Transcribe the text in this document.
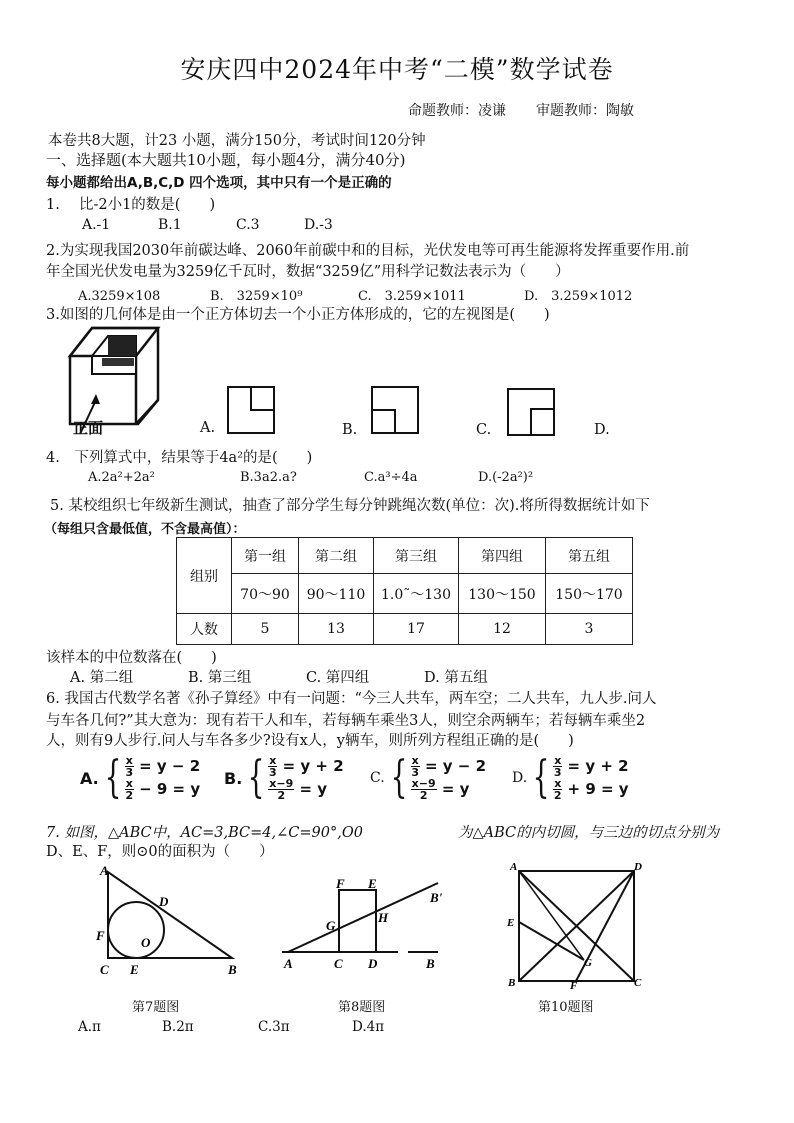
安庆四中2024年中考“二模”数学试卷
命题教师：凌谦 审题教师：陶敏
本卷共8大题，计23 小题，满分150分，考试时间120分钟
一、选择题(本大题共10小题，每小题4分，满分40分)
每小题都给出A,B,C,D 四个选项，其中只有一个是正确的
1.　 比-2小1的数是(　　)
A.-1	B.1	C.3	D.-3
2.为实现我国2030年前碳达峰、2060年前碳中和的目标，光伏发电等可再生能源将发挥重要作用.前
年全国光伏发电量为3259亿千瓦时，数据“3259亿”用科学记数法表示为（　　）
A.3259×108	B.　3259×10⁹	C.　3.259×1011	D.　3.259×1012
3.如图的几何体是由一个正方体切去一个小正方体形成的，它的左视图是(　　)
正面	A.	B.	C.	D.
4.　下列算式中，结果等于4a²的是(　　)
A.2a²+2a²	B.3a2.a?	C.a³÷4a	D.(-2a²)²
5. 某校组织七年级新生测试，抽查了部分学生每分钟跳绳次数(单位：次).将所得数据统计如下
（每组只含最低值，不含最高值）：
组别	第一组	第二组	第三组	第四组	第五组
	70～90	90～110	1.0˜～130	130～150	150～170
人数	5	13	17	12	3
该样本的中位数落在(　　)
A. 第二组	B. 第三组	C. 第四组	D. 第五组
6. 我国古代数学名著《孙子算经》中有一问题：“今三人共车，两车空；二人共车，九人步.问人
与车各几何?”其大意为：现有若干人和车，若每辆车乘坐3人，则空余两辆车；若每辆车乘坐2
人，则有9人步行.问人与车各多少?设有x人，y辆车，则所列方程组正确的是(　　)
A. { $\frac{x}{3} = y - 2$
$\frac{x}{2} - 9 = y$
B. { $\frac{x}{3} = y + 2$
$\frac{x-9}{2} = y$
C. { $\frac{x}{3} = y - 2$
$\frac{x-9}{2} = y$
D. { $\frac{x}{3} = y + 2$
$\frac{x}{2} + 9 = y$
7. 如图，△ABC中，AC=3,BC=4,∠C=90°,O0	为△ABC的内切圆，与三边的切点分别为
D、E、F，则⊙0的面积为（　　）
A
D
F	O
C E	B
第7题图
F E
B'
G
H
A	C D	B
第8题图
A	D
E
G
B	F	C
第10题图
A.π	B.2π	C.3π	D.4π
